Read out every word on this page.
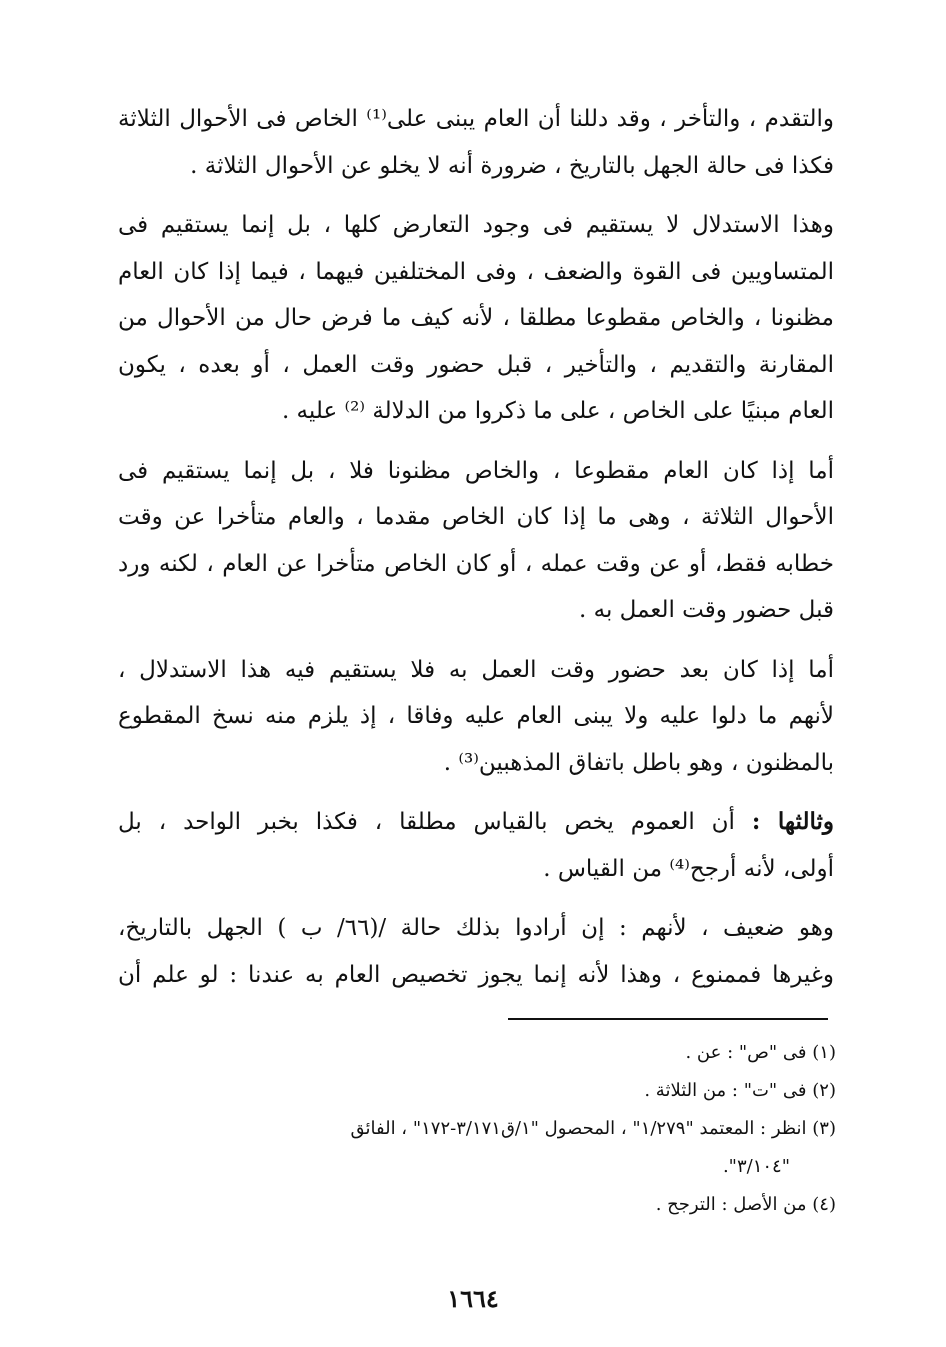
والتقدم ، والتأخر ، وقد دللنا أن العام يبنى على⁽¹⁾ الخاص فى الأحوال الثلاثة
فكذا فى حالة الجهل بالتاريخ ، ضرورة أنه لا يخلو عن الأحوال الثلاثة .

وهذا الاستدلال لا يستقيم فى وجود التعارض كلها ، بل إنما يستقيم فى
المتساويين فى القوة والضعف ، وفى المختلفين فيهما ، فيما إذا كان العام
مظنونا ، والخاص مقطوعا مطلقا ، لأنه كيف ما فرض حال من الأحوال من
المقارنة والتقديم ، والتأخير ، قبل حضور وقت العمل ، أو بعده ، يكون
العام مبنيًا على الخاص ، على ما ذكروا من الدلالة ⁽²⁾ عليه .

أما إذا كان العام مقطوعا ، والخاص مظنونا فلا ، بل إنما يستقيم فى
الأحوال الثلاثة ، وهى ما إذا كان الخاص مقدما ، والعام متأخرا عن وقت
خطابه فقط، أو عن وقت عمله ، أو كان الخاص متأخرا عن العام ، لكنه ورد
قبل حضور وقت العمل به .

أما إذا كان بعد حضور وقت العمل به فلا يستقيم فيه هذا الاستدلال ،
لأنهم ما دلوا عليه ولا يبنى العام عليه وفاقا ، إذ يلزم منه نسخ المقطوع
بالمظنون ، وهو باطل باتفاق المذهبين⁽³⁾ .

وثالثها : أن العموم يخص بالقياس مطلقا ، فكذا بخبر الواحد ، بل
أولى، لأنه أرجح⁽⁴⁾ من القياس .

وهو ضعيف ، لأنهم : إن أرادوا بذلك حالة /(٦٦/ ب ) الجهل بالتاريخ،
وغيرها فممنوع ، وهذا لأنه إنما يجوز تخصيص العام به عندنا : لو علم أن

(١) فى "ص" : عن .
(٢) فى "ت" : من الثلاثة .
(٣) انظر : المعتمد "١/٢٧٩" ، المحصول "١/ق٣/١٧١-١٧٢" ، الفائق
"٣/١٠٤".
(٤) من الأصل : الترجح .
١٦٦٤
